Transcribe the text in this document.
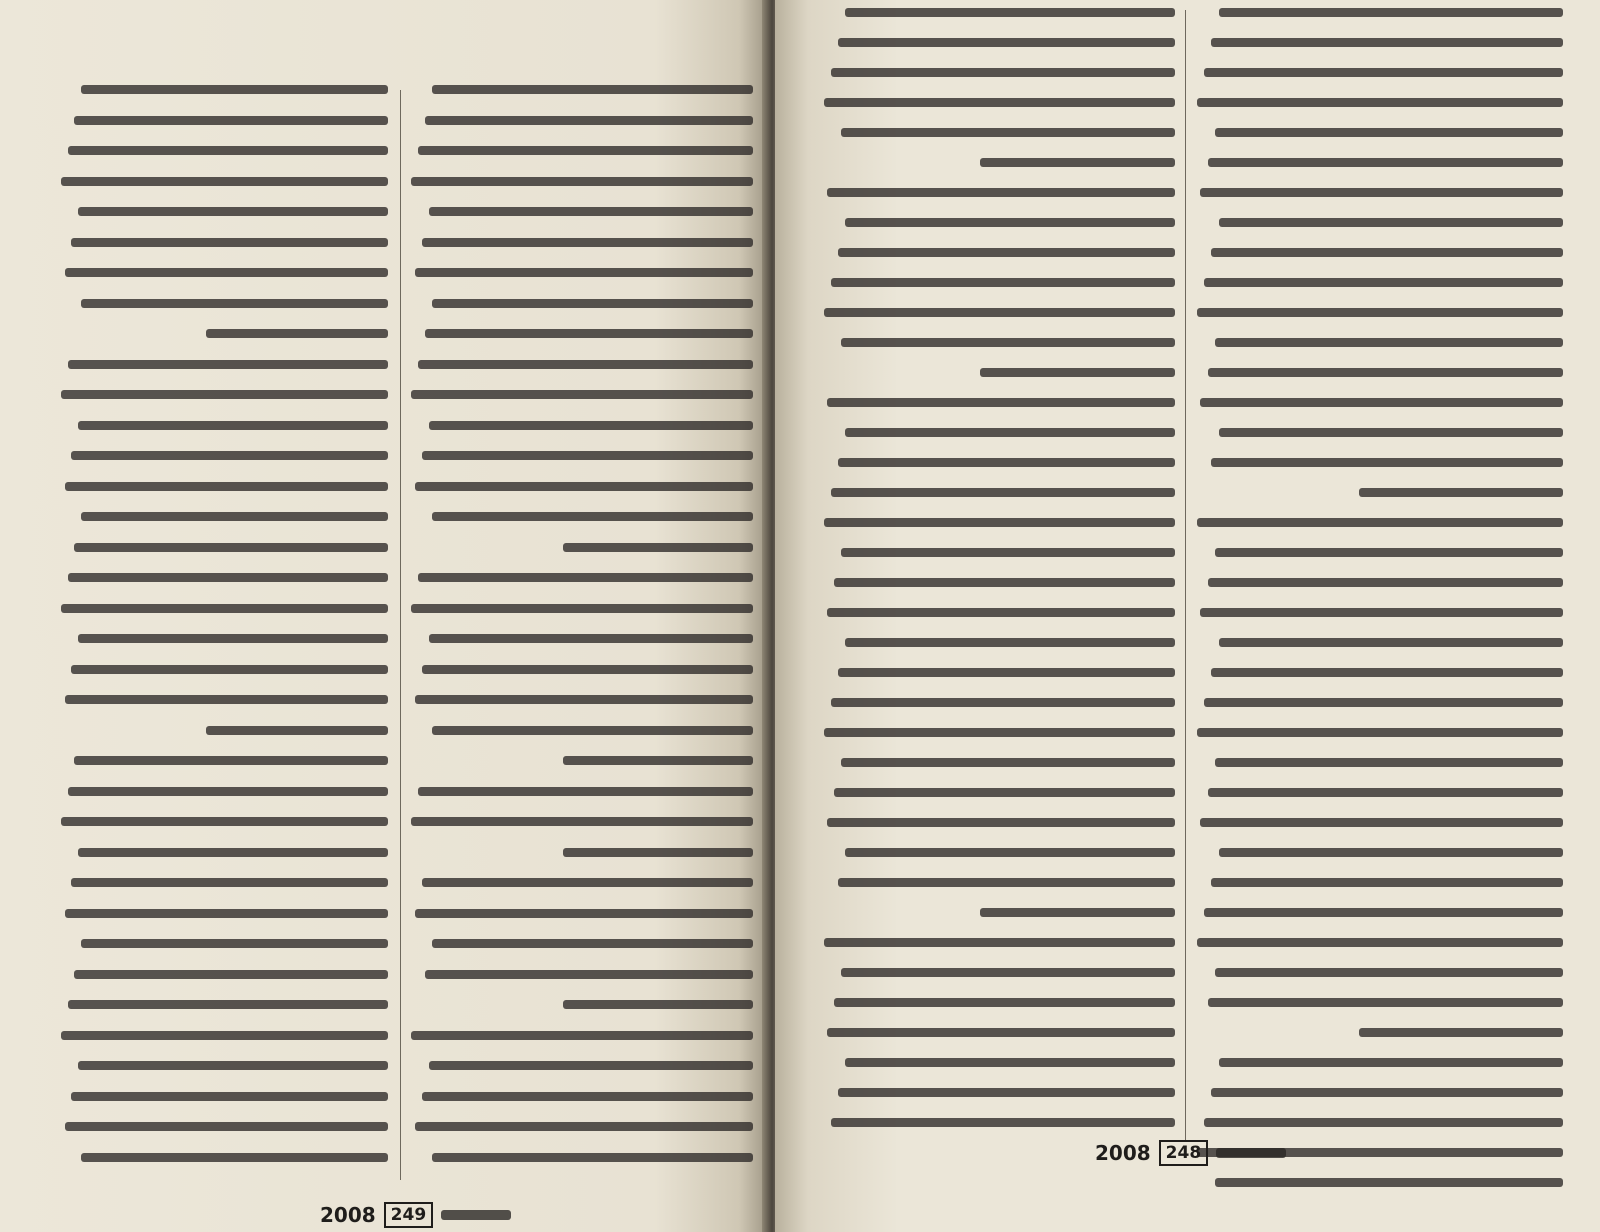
2008 249
2008 248
